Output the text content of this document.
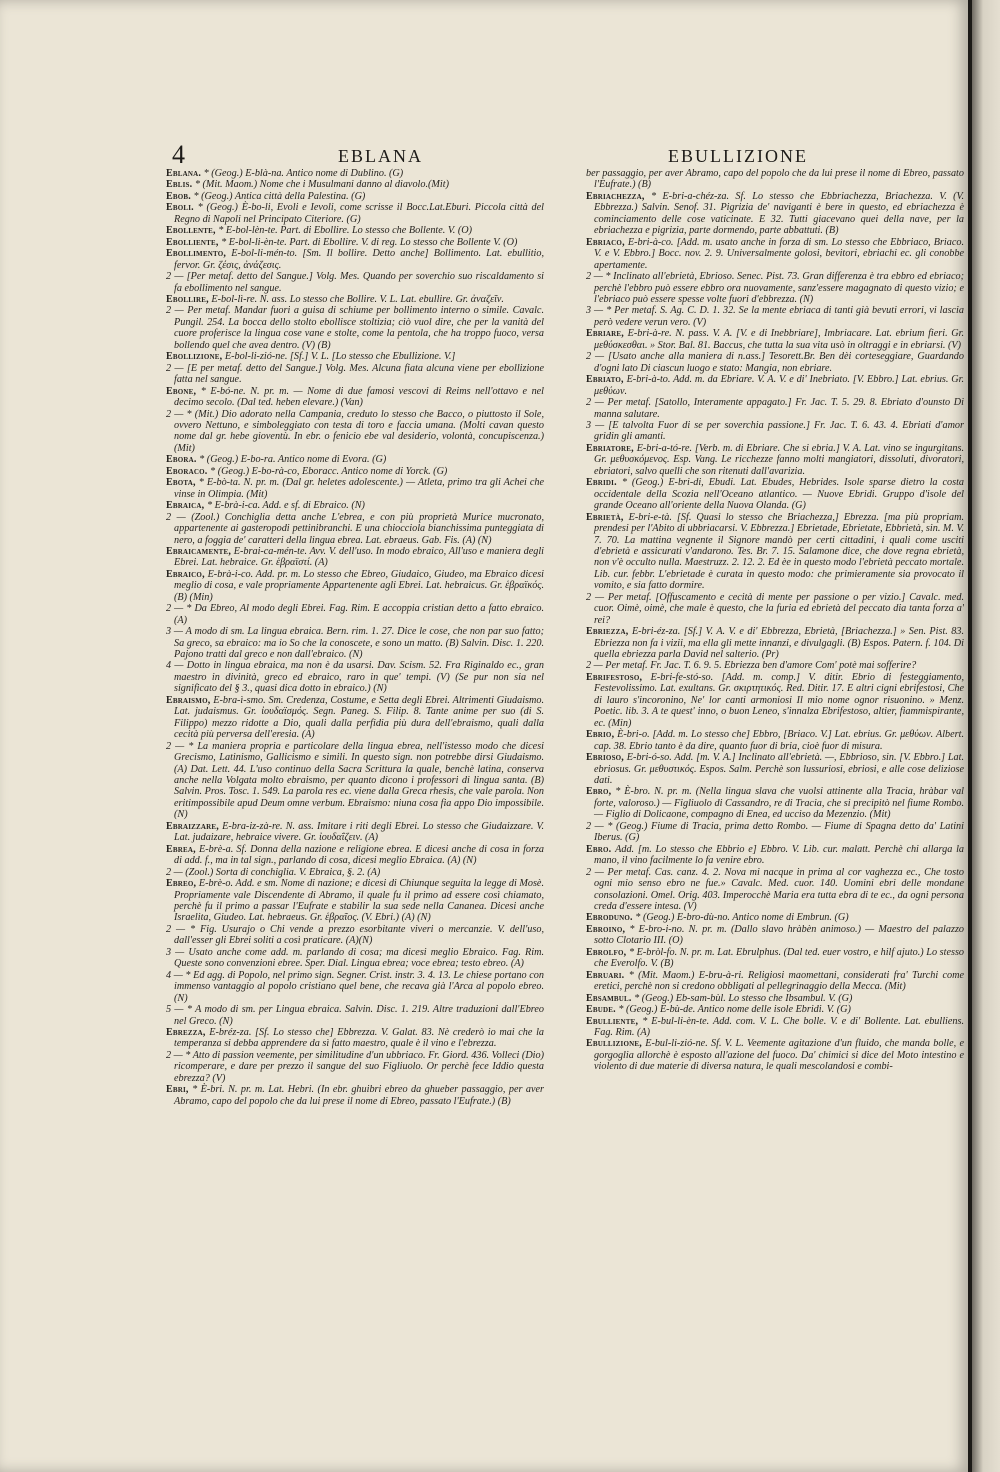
4	EBLANA	EBULLIZIONE

Eblana. * (Geog.) E-blà-na. Antico nome di Dublino. (G)

Eblis. * (Mit. Maom.) Nome che i Musulmani danno al diavolo.(Mit)

Ebob. * (Geog.) Antica città della Palestina. (G)

Eboli. * (Geog.) È-bo-li, Evoli e Ievoli, come scrisse il Bocc.Lat.Eburi. Piccola città del Regno di Napoli nel Principato Citeriore. (G)

Ebollente, * E-bol-lèn-te. Part. di Ebollire. Lo stesso che Bollente. V. (O)

Ebolliente, * E-bol-li-èn-te. Part. di Ebollire. V. di reg. Lo stesso che Bollente V. (O)

Ebollimento, E-bol-li-mén-to. [Sm. Il bollire. Detto anche] Bollimento. Lat. ebullitio, fervor. Gr. ζέσις, ἀνάζεσις.

2 — [Per metaf. detto del Sangue.] Volg. Mes. Quando per soverchio suo riscaldamento si fa ebollimento nel sangue.

Ebollire, E-bol-lì-re. N. ass. Lo stesso che Bollire. V. L. Lat. ebullire. Gr. ἀναζεῖν.

2 — Per metaf. Mandar fuori a guisa di schiume per bollimento interno o simile. Cavalc. Pungil. 254. La bocca dello stolto ebollisce stoltizia; ciò vuol dire, che per la vanità del cuore proferisce la lingua cose vane e stolte, come la pentola, che ha troppo fuoco, versa bollendo quel che avea dentro. (V) (B)

Ebollizione, E-bol-li-zió-ne. [Sf.] V. L. [Lo stesso che Ebullizione. V.]

2 — [E per metaf. detto del Sangue.] Volg. Mes. Alcuna fiata alcuna viene per ebollizione fatta nel sangue.

Ebone, * E-bó-ne. N. pr. m. — Nome di due famosi vescovi di Reims nell'ottavo e nel decimo secolo. (Dal ted. heben elevare.) (Van)

2 — * (Mit.) Dio adorato nella Campania, creduto lo stesso che Bacco, o piuttosto il Sole, ovvero Nettuno, e simboleggiato con testa di toro e faccia umana. (Molti cavan questo nome dal gr. hebe gioventù. In ebr. o fenicio ebe val desiderio, volontà, concupiscenza.) (Mit)

Ebora. * (Geog.) E-bo-ra. Antico nome di Evora. (G)

Eboraco. * (Geog.) E-bo-rà-co, Eboracc. Antico nome di Yorck. (G)

Ebota, * E-bò-ta. N. pr. m. (Dal gr. heletes adolescente.) — Atleta, primo tra gli Achei che vinse in Olimpia. (Mit)

Ebraica, * E-brà-i-ca. Add. e sf. di Ebraico. (N)

2 — (Zool.) Conchiglia detta anche L'ebrea, e con più proprietà Murice mucronato, appartenente ai gasteropodi pettinibranchi. E una chiocciola bianchissima punteggiata di nero, a foggia de' caratteri della lingua ebrea. Lat. ebraeus. Gab. Fis. (A) (N)

Ebraicamente, E-brai-ca-mén-te. Avv. V. dell'uso. In modo ebraico, All'uso e maniera degli Ebrei. Lat. hebraice. Gr. ἑβραϊστί. (A)

Ebraico, E-brà-i-co. Add. pr. m. Lo stesso che Ebreo, Giudaico, Giudeo, ma Ebraico dicesi meglio di cosa, e vale propriamente Appartenente agli Ebrei. Lat. hebraicus. Gr. ἑβραϊκός. (B) (Min)

2 — * Da Ebreo, Al modo degli Ebrei. Fag. Rim. E accoppia cristian detto a fatto ebraico. (A)

3 — A modo di sm. La lingua ebraica. Bern. rim. 1. 27. Dice le cose, che non par suo fatto; Sa greco, sa ebraico: ma io So che la conoscete, e sono un matto. (B) Salvin. Disc. 1. 220. Pajono tratti dal greco e non dall'ebraico. (N)

4 — Dotto in lingua ebraica, ma non è da usarsi. Dav. Scism. 52. Fra Riginaldo ec., gran maestro in divinità, greco ed ebraico, raro in que' tempi. (V) (Se pur non sia nel significato del § 3., quasi dica dotto in ebraico.) (N)

Ebraismo, E-bra-ì-smo. Sm. Credenza, Costume, e Setta degli Ebrei. Altrimenti Giudaismo. Lat. judaismus. Gr. ἰουδαϊσμός. Segn. Paneg. S. Filip. 8. Tante anime per suo (di S. Filippo) mezzo ridotte a Dio, quali dalla perfidia più dura dell'ebraismo, quali dalla cecità più perversa dell'eresia. (A)

2 — * La maniera propria e particolare della lingua ebrea, nell'istesso modo che dicesi Grecismo, Latinismo, Gallicismo e simili. In questo sign. non potrebbe dirsi Giudaismo. (A) Dat. Lett. 44. L'uso continuo della Sacra Scrittura la quale, benchè latina, conserva anche nella Volgata molto ebraismo, per quanto dicono i professori di lingua santa. (B) Salvin. Pros. Tosc. 1. 549. La parola res ec. viene dalla Greca rhesis, che vale parola. Non eritimpossibile apud Deum omne verbum. Ebraismo: niuna cosa fia appo Dio impossibile. (N)

Ebraizzare, E-bra-iz-zà-re. N. ass. Imitare i riti degli Ebrei. Lo stesso che Giudaizzare. V. Lat. judaizare, hebraice vivere. Gr. ἰουδαΐζειν. (A)

Ebrea, E-brè-a. Sf. Donna della nazione e religione ebrea. E dicesi anche di cosa in forza di add. f., ma in tal sign., parlando di cosa, dicesi meglio Ebraica. (A) (N)

2 — (Zool.) Sorta di conchiglia. V. Ebraica, §. 2. (A)

Ebreo, E-brè-o. Add. e sm. Nome di nazione; e dicesi di Chiunque seguita la legge di Mosè. Propriamente vale Discendente di Abramo, il quale fu il primo ad essere così chiamato, perchè fu il primo a passar l'Eufrate e stabilir la sua sede nella Cananea. Dicesi anche Israelita, Giudeo. Lat. hebraeus. Gr. ἑβραῖος. (V. Ebri.) (A) (N)

2 — * Fig. Usurajo o Chi vende a prezzo esorbitante viveri o mercanzie. V. dell'uso, dall'esser gli Ebrei soliti a così praticare. (A)(N)

3 — Usato anche come add. m. parlando di cosa; ma dicesi meglio Ebraico. Fag. Rim. Queste sono convenzioni ebree. Sper. Dial. Lingua ebrea; voce ebrea; testo ebreo. (A)

4 — * Ed agg. di Popolo, nel primo sign. Segner. Crist. instr. 3. 4. 13. Le chiese portano con immenso vantaggio al popolo cristiano quel bene, che recava già l'Arca al popolo ebreo. (N)

5 — * A modo di sm. per Lingua ebraica. Salvin. Disc. 1. 219. Altre traduzioni dall'Ebreo nel Greco. (N)

Ebrezza, E-bréz-za. [Sf. Lo stesso che] Ebbrezza. V. Galat. 83. Nè crederò io mai che la temperanza si debba apprendere da sì fatto maestro, quale è il vino e l'ebrezza.

2 — * Atto di passion veemente, per similitudine d'un ubbriaco. Fr. Giord. 436. Volleci (Dio) ricomperare, e dare per prezzo il sangue del suo Figliuolo. Or perchè fece Iddio questa ebrezza? (V)

Ebri, * È-bri. N. pr. m. Lat. Hebri. (In ebr. ghuibri ebreo da ghueber passaggio, per aver Abramo, capo del popolo che da lui prese il nome di Ebreo, passato l'Eufrate.) (B)

ber passaggio, per aver Abramo, capo del popolo che da lui prese il nome di Ebreo, passato l'Eufrate.) (B)

Ebriachezza, * E-bri-a-chéz-za. Sf. Lo stesso che Ebbriachezza, Briachezza. V. (V. Ebbrezza.) Salvin. Senof. 31. Pigrizia de' naviganti è bere in questo, ed ebriachezza è cominciamento delle cose vaticinate. E 32. Tutti giacevano quei della nave, per la ebriachezza e pigrizia, parte dormendo, parte abbattuti. (B)

Ebriaco, E-bri-à-co. [Add. m. usato anche in forza di sm. Lo stesso che Ebbriaco, Briaco. V. e V. Ebbro.] Bocc. nov. 2. 9. Universalmente golosi, bevitori, ebriachi ec. gli conobbe apertamente.

2 — * Inclinato all'ebrietà, Ebrioso. Senec. Pist. 73. Gran differenza è tra ebbro ed ebriaco; perchè l'ebbro può essere ebbro ora nuovamente, sanz'essere magagnato di questo vizio; e l'ebriaco può essere spesse volte fuori d'ebbrezza. (N)

3 — * Per metaf. S. Ag. C. D. 1. 32. Se la mente ebriaca di tanti già bevuti errori, vi lascia però vedere verun vero. (V)

Ebriare, E-bri-à-re. N. pass. V. A. [V. e di Inebbriare], Imbriacare. Lat. ebrium fieri. Gr. μεθύσκεσθαι. » Stor. Bal. 81. Baccus, che tutta la sua vita usò in oltraggi e in ebriarsi. (V)

2 — [Usato anche alla maniera di n.ass.] Tesorett.Br. Ben dèi corteseggiare, Guardando d'ogni lato Di ciascun luogo e stato: Mangia, non ebriare.

Ebriato, E-bri-à-to. Add. m. da Ebriare. V. A. V. e di' Inebriato. [V. Ebbro.] Lat. ebrius. Gr. μεθύων.

2 — Per metaf. [Satollo, Interamente appagato.] Fr. Jac. T. 5. 29. 8. Ebriato d'ounsto Di manna salutare.

3 — [E talvolta Fuor di se per soverchia passione.] Fr. Jac. T. 6. 43. 4. Ebriati d'amor gridin gli amanti.

Ebriatore, E-bri-a-tó-re. [Verb. m. di Ebriare. Che si ebria.] V. A. Lat. vino se ingurgitans. Gr. μεθυσκόμενος. Esp. Vang. Le ricchezze fanno molti mangiatori, dissoluti, divoratori, ebriatori, salvo quelli che son ritenuti dall'avarizia.

Ebridi. * (Geog.) E-bri-di, Ebudi. Lat. Ebudes, Hebrides. Isole sparse dietro la costa occidentale della Scozia nell'Oceano atlantico. — Nuove Ebridi. Gruppo d'isole del grande Oceano all'oriente della Nuova Olanda. (G)

Ebrietà, E-bri-e-tà. [Sf. Quasi lo stesso che Briachezza,] Ebrezza. [ma più propriam. prendesi per l'Abito di ubbriacarsi. V. Ebbrezza.] Ebrietade, Ebrietate, Ebbrietà, sin. M. V. 7. 70. La mattina vegnente il Signore mandò per certi cittadini, i quali come usciti d'ebrietà e assicurati v'andarono. Tes. Br. 7. 15. Salamone dice, che dove regna ebrietà, non v'è occulto nulla. Maestruzz. 2. 12. 2. Ed èe in questo modo l'ebrietà peccato mortale. Lib. cur. febbr. L'ebrietade è curata in questo modo: che primieramente sia provocato il vomito, e sia fatto dormire.

2 — Per metaf. [Offuscamento e cecità di mente per passione o per vizio.] Cavalc. med. cuor. Oimè, oimè, che male è questo, che la furia ed ebrietà del peccato dia tanta forza a' rei?

Ebriezza, E-bri-éz-za. [Sf.] V. A. V. e di' Ebbrezza, Ebrietà, [Briachezza.] » Sen. Pist. 83. Ebriezza non fa i vizii, ma ella gli mette innanzi, e divulgagli. (B) Espos. Patern. f. 104. Di quella ebriezza parla David nel salterio. (Pr)

2 — Per metaf. Fr. Jac. T. 6. 9. 5. Ebriezza ben d'amore Com' potè mai sofferire?

Ebrifestoso, E-bri-fe-stó-so. [Add. m. comp.] V. ditir. Ebrio di festeggiamento, Festevolissimo. Lat. exultans. Gr. σκιρτητικός. Red. Ditir. 17. E altri cigni ebrifestosi, Che di lauro s'incoronino, Ne' lor canti armoniosi Il mio nome ognor risuonino. » Menz. Poetic. lib. 3. A te quest' inno, o buon Leneo, s'innalza Ebrifestoso, altier, fiammispirante, ec. (Min)

Ebrio, È-bri-o. [Add. m. Lo stesso che] Ebbro, [Briaco. V.] Lat. ebrius. Gr. μεθύων. Albert. cap. 38. Ebrio tanto è da dire, quanto fuor di bria, cioè fuor di misura.

Ebrioso, E-bri-ó-so. Add. [m. V. A.] Inclinato all'ebrietà. —, Ebbrioso, sin. [V. Ebbro.] Lat. ebriosus. Gr. μεθυστικός. Espos. Salm. Perchè son lussuriosi, ebriosi, e alle cose deliziose dati.

Ebro, * È-bro. N. pr. m. (Nella lingua slava che vuolsi attinente alla Tracia, hràbar val forte, valoroso.) — Figliuolo di Cassandro, re di Tracia, che si precipitò nel fiume Rombo. — Figlio di Dolicaone, compagno di Enea, ed ucciso da Mezenzio. (Mit)

2 — * (Geog.) Fiume di Tracia, prima detto Rombo. — Fiume di Spagna detto da' Latini Iberus. (G)

Ebro. Add. [m. Lo stesso che Ebbrio e] Ebbro. V. Lib. cur. malatt. Perchè chi allarga la mano, il vino facilmente lo fa venire ebro.

2 — Per metaf. Cas. canz. 4. 2. Nova mi nacque in prima al cor vaghezza ec., Che tosto ogni mio senso ebro ne fue.» Cavalc. Med. cuor. 140. Uomini ebri delle mondane consolazioni. Omel. Orig. 403. Imperocchè Maria era tutta ebra di te ec., da ogni persona creda d'essere intesa. (V)

Ebroduno. * (Geog.) E-bro-dù-no. Antico nome di Embrun. (G)

Ebroino, * E-bro-i-no. N. pr. m. (Dallo slavo hràbèn animoso.) — Maestro del palazzo sotto Clotario III. (O)

Ebrolfo, * E-bròl-fo. N. pr. m. Lat. Ebrulphus. (Dal ted. euer vostro, e hilf ajuto.) Lo stesso che Everolfo. V. (B)

Ebruari. * (Mit. Maom.) E-bru-à-ri. Religiosi maomettani, considerati fra' Turchi come eretici, perchè non si credono obbligati al pellegrinaggio della Mecca. (Mit)

Ebsambul. * (Geog.) Eb-sam-bùl. Lo stesso che Ibsambul. V. (G)

Ebude. * (Geog.) E-bù-de. Antico nome delle isole Ebridi. V. (G)

Ebulliente, * E-bul-li-èn-te. Add. com. V. L. Che bolle. V. e di' Bollente. Lat. ebulliens. Fag. Rim. (A)

Ebullizione, E-bul-li-zió-ne. Sf. V. L. Veemente agitazione d'un fluido, che manda bolle, e gorgoglia allorchè è esposto all'azione del fuoco. Da' chimici si dice del Moto intestino e violento di due materie di diversa natura, le quali mescolandosi e combi-
